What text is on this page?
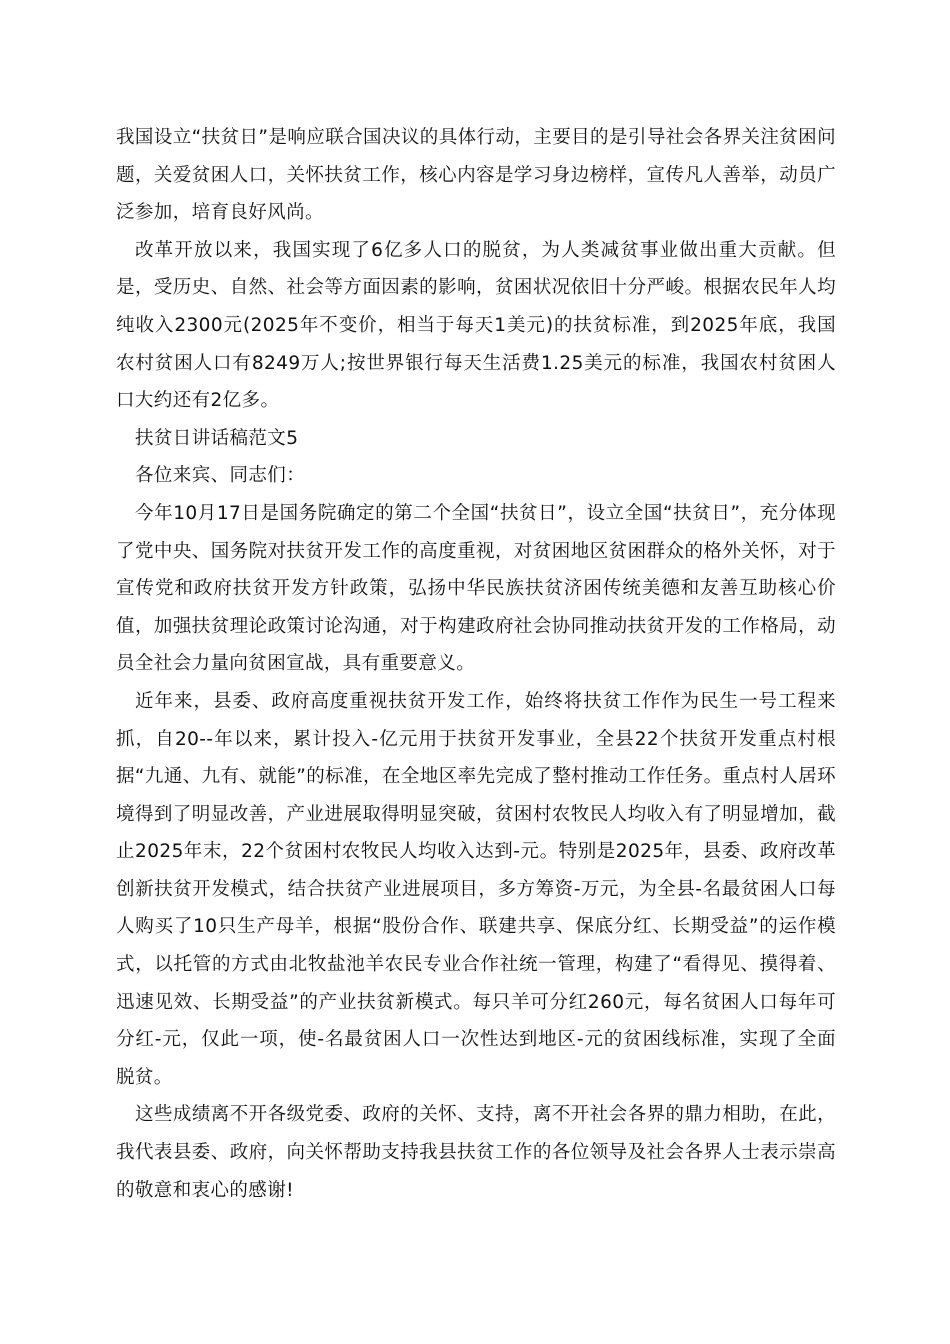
我国设立“扶贫日”是响应联合国决议的具体行动，主要目的是引导社会各界关注贫困问题，关爱贫困人口，关怀扶贫工作，核心内容是学习身边榜样，宣传凡人善举，动员广泛参加，培育良好风尚。

改革开放以来，我国实现了6亿多人口的脱贫，为人类减贫事业做出重大贡献。但是，受历史、自然、社会等方面因素的影响，贫困状况依旧十分严峻。根据农民年人均纯收入2300元(2025年不变价，相当于每天1美元)的扶贫标准，到2025年底，我国农村贫困人口有8249万人;按世界银行每天生活费1.25美元的标准，我国农村贫困人口大约还有2亿多。

扶贫日讲话稿范文5

各位来宾、同志们：

今年10月17日是国务院确定的第二个全国“扶贫日”，设立全国“扶贫日”，充分体现了党中央、国务院对扶贫开发工作的高度重视，对贫困地区贫困群众的格外关怀，对于宣传党和政府扶贫开发方针政策，弘扬中华民族扶贫济困传统美德和友善互助核心价值，加强扶贫理论政策讨论沟通，对于构建政府社会协同推动扶贫开发的工作格局，动员全社会力量向贫困宣战，具有重要意义。

近年来，县委、政府高度重视扶贫开发工作，始终将扶贫工作作为民生一号工程来抓，自20--年以来，累计投入-亿元用于扶贫开发事业，全县22个扶贫开发重点村根据“九通、九有、就能”的标准，在全地区率先完成了整村推动工作任务。重点村人居环境得到了明显改善，产业进展取得明显突破，贫困村农牧民人均收入有了明显增加，截止2025年末，22个贫困村农牧民人均收入达到-元。特别是2025年，县委、政府改革创新扶贫开发模式，结合扶贫产业进展项目，多方筹资-万元，为全县-名最贫困人口每人购买了10只生产母羊，根据“股份合作、联建共享、保底分红、长期受益”的运作模式，以托管的方式由北牧盐池羊农民专业合作社统一管理，构建了“看得见、摸得着、迅速见效、长期受益”的产业扶贫新模式。每只羊可分红260元，每名贫困人口每年可分红-元，仅此一项，使-名最贫困人口一次性达到地区-元的贫困线标准，实现了全面脱贫。

这些成绩离不开各级党委、政府的关怀、支持，离不开社会各界的鼎力相助，在此，我代表县委、政府，向关怀帮助支持我县扶贫工作的各位领导及社会各界人士表示崇高的敬意和衷心的感谢!
